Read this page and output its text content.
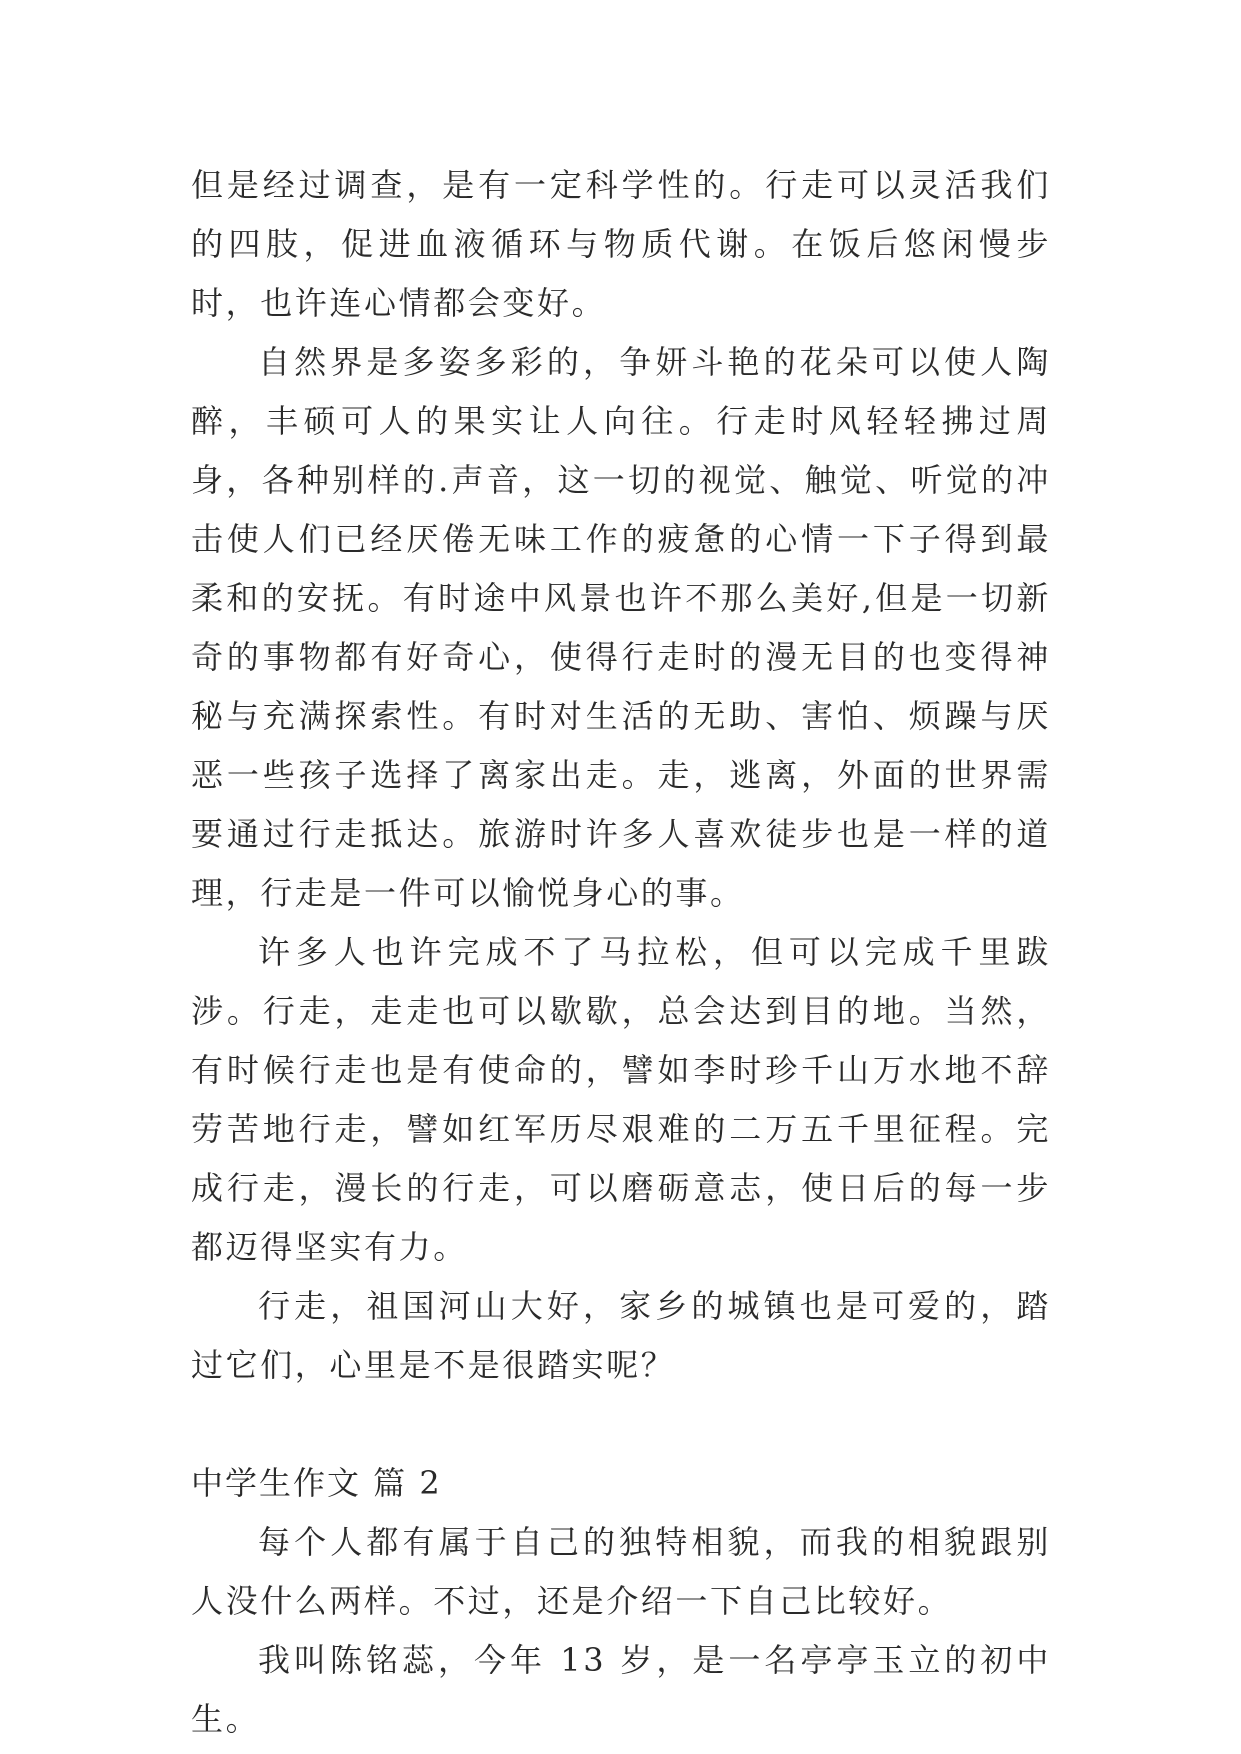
但是经过调查，是有一定科学性的。行走可以灵活我们的四肢，促进血液循环与物质代谢。在饭后悠闲慢步时，也许连心情都会变好。

自然界是多姿多彩的，争妍斗艳的花朵可以使人陶醉，丰硕可人的果实让人向往。行走时风轻轻拂过周身，各种别样的.声音，这一切的视觉、触觉、听觉的冲击使人们已经厌倦无味工作的疲惫的心情一下子得到最柔和的安抚。有时途中风景也许不那么美好,但是一切新奇的事物都有好奇心，使得行走时的漫无目的也变得神秘与充满探索性。有时对生活的无助、害怕、烦躁与厌恶一些孩子选择了离家出走。走，逃离，外面的世界需要通过行走抵达。旅游时许多人喜欢徒步也是一样的道理，行走是一件可以愉悦身心的事。

许多人也许完成不了马拉松，但可以完成千里跋涉。行走，走走也可以歇歇，总会达到目的地。当然，有时候行走也是有使命的，譬如李时珍千山万水地不辞劳苦地行走，譬如红军历尽艰难的二万五千里征程。完成行走，漫长的行走，可以磨砺意志，使日后的每一步都迈得坚实有力。

行走，祖国河山大好，家乡的城镇也是可爱的，踏过它们，心里是不是很踏实呢？

中学生作文 篇 2

每个人都有属于自己的独特相貌，而我的相貌跟别人没什么两样。不过，还是介绍一下自己比较好。

我叫陈铭蕊，今年 13 岁，是一名亭亭玉立的初中生。
